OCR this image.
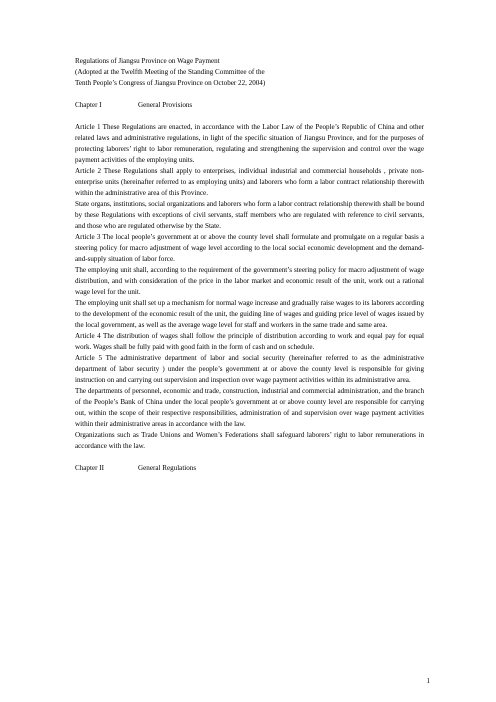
Regulations of Jiangsu Province on Wage Payment
(Adopted at the Twelfth Meeting of the Standing Committee of the
Tenth People’s Congress of Jiangsu Province on October 22, 2004)
Chapter I	General Provisions

Article 1 These Regulations are enacted, in accordance with the Labor Law of the People’s Republic of China and other related laws and administrative regulations, in light of the specific situation of Jiangsu Province, and for the purposes of protecting laborers’ right to labor remuneration, regulating and strengthening the supervision and control over the wage payment activities of the employing units.

Article 2 These Regulations shall apply to enterprises, individual industrial and commercial households , private non-enterprise units (hereinafter referred to as employing units) and laborers who form a labor contract relationship therewith within the administrative area of this Province.

State organs, institutions, social organizations and laborers who form a labor contract relationship therewith shall be bound by these Regulations with exceptions of civil servants, staff members who are regulated with reference to civil servants, and those who are regulated otherwise by the State.

Article 3 The local people’s government at or above the county level shall formulate and promulgate on a regular basis a steering policy for macro adjustment of wage level according to the local social economic development and the demand-and-supply situation of labor force.

The employing unit shall, according to the requirement of the government’s steering policy for macro adjustment of wage distribution, and with consideration of the price in the labor market and economic result of the unit, work out a rational wage level for the unit.

The employing unit shall set up a mechanism for normal wage increase and gradually raise wages to its laborers according to the development of the economic result of the unit, the guiding line of wages and guiding price level of wages issued by the local government, as well as the average wage level for staff and workers in the same trade and same area.

Article 4 The distribution of wages shall follow the principle of distribution according to work and equal pay for equal work. Wages shall be fully paid with good faith in the form of cash and on schedule.

Article 5 The administrative department of labor and social security (hereinafter referred to as the administrative department of labor security ) under the people’s government at or above the county level is responsible for giving instruction on and carrying out supervision and inspection over wage payment activities within its administrative area.

The departments of personnel, economic and trade, construction, industrial and commercial administration, and the branch of the People’s Bank of China under the local people’s government at or above county level are responsible for carrying out, within the scope of their respective responsibilities, administration of and supervision over wage payment activities within their administrative areas in accordance with the law.

Organizations such as Trade Unions and Women’s Federations shall safeguard laborers’ right to labor remunerations in accordance with the law.

Chapter II	General Regulations
1
